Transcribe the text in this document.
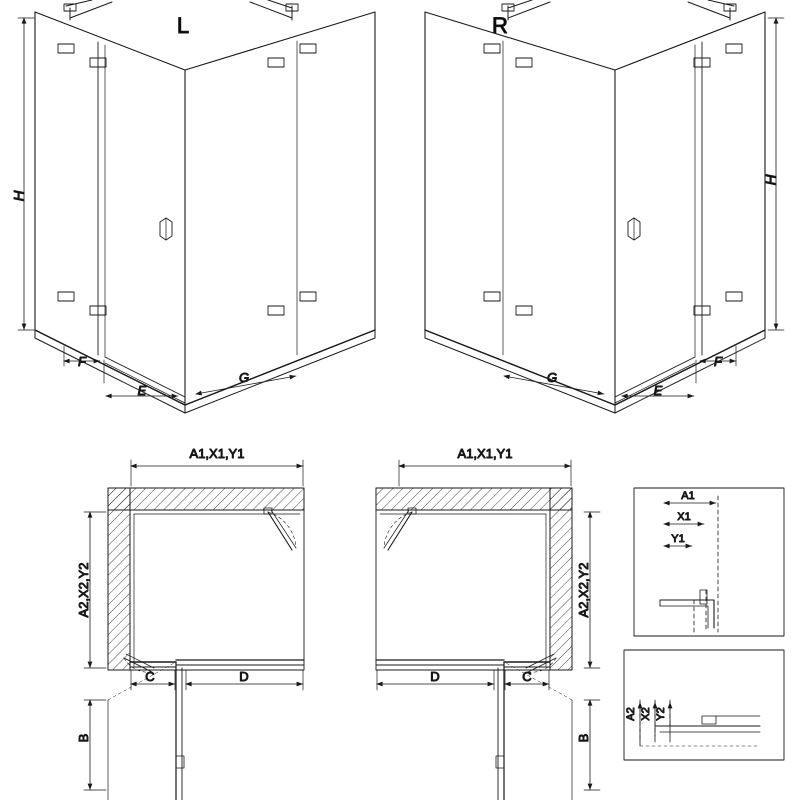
H
L
F
E
G
H
R
F
E
G
A1,X1,Y1
A2,X2,Y2
C	D
B
A1,X1,Y1
A2,X2,Y2
C
D
B
A1
X1
Y1
A2 X2 Y2
